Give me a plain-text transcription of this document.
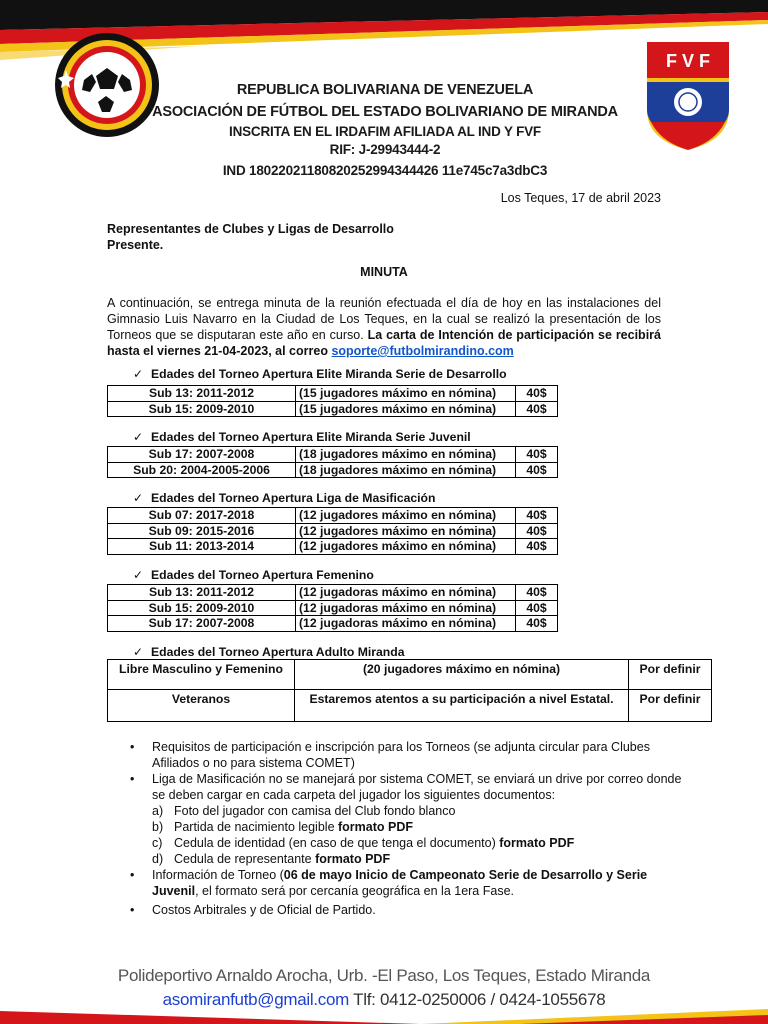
F V F
REPUBLICA BOLIVARIANA DE VENEZUELA
ASOCIACIÓN DE FÚTBOL DEL ESTADO BOLIVARIANO DE MIRANDA
INSCRITA EN EL IRDAFIM AFILIADA AL IND Y FVF
RIF: J-29943444-2
IND 18022021180820252994344426 11e745c7a3dbC3
Los Teques, 17 de abril 2023
Representantes de Clubes y Ligas de Desarrollo
Presente.
MINUTA
A continuación, se entrega minuta de la reunión efectuada el día de hoy en las instalaciones del Gimnasio Luis Navarro en la Ciudad de Los Teques, en la cual se realizó la presentación de los Torneos que se disputaran este año en curso. La carta de Intención de participación se recibirá hasta el viernes 21-04-2023, al correo soporte@futbolmirandino.com
✓ Edades del Torneo Apertura Elite Miranda Serie de Desarrollo
Sub 13: 2011-2012	(15 jugadores máximo en nómina)	40$
Sub 15: 2009-2010	(15 jugadores máximo en nómina)	40$
✓ Edades del Torneo Apertura Elite Miranda Serie Juvenil
Sub 17: 2007-2008	(18 jugadores máximo en nómina)	40$
Sub 20: 2004-2005-2006	(18 jugadores máximo en nómina)	40$
✓ Edades del Torneo Apertura Liga de Masificación
Sub 07: 2017-2018	(12 jugadores máximo en nómina)	40$
Sub 09: 2015-2016	(12 jugadores máximo en nómina)	40$
Sub 11: 2013-2014	(12 jugadores máximo en nómina)	40$
✓ Edades del Torneo Apertura Femenino
Sub 13: 2011-2012	(12 jugadoras máximo en nómina)	40$
Sub 15: 2009-2010	(12 jugadoras máximo en nómina)	40$
Sub 17: 2007-2008	(12 jugadoras máximo en nómina)	40$
✓ Edades del Torneo Apertura Adulto Miranda
Libre Masculino y Femenino	(20 jugadores máximo en nómina)	Por definir
Veteranos	Estaremos atentos a su participación a nivel Estatal.	Por definir
• Requisitos de participación e inscripción para los Torneos (se adjunta circular para Clubes Afiliados o no para sistema COMET)
• Liga de Masificación no se manejará por sistema COMET, se enviará un drive por correo donde se deben cargar en cada carpeta del jugador los siguientes documentos:
a) Foto del jugador con camisa del Club fondo blanco
b) Partida de nacimiento legible formato PDF
c) Cedula de identidad (en caso de que tenga el documento) formato PDF
d) Cedula de representante formato PDF
• Información de Torneo (06 de mayo Inicio de Campeonato Serie de Desarrollo y Serie Juvenil, el formato será por cercanía geográfica en la 1era Fase.
• Costos Arbitrales y de Oficial de Partido.
Polideportivo Arnaldo Arocha, Urb. -El Paso, Los Teques, Estado Miranda
asomiranfutb@gmail.com Tlf: 0412-0250006 / 0424-1055678
